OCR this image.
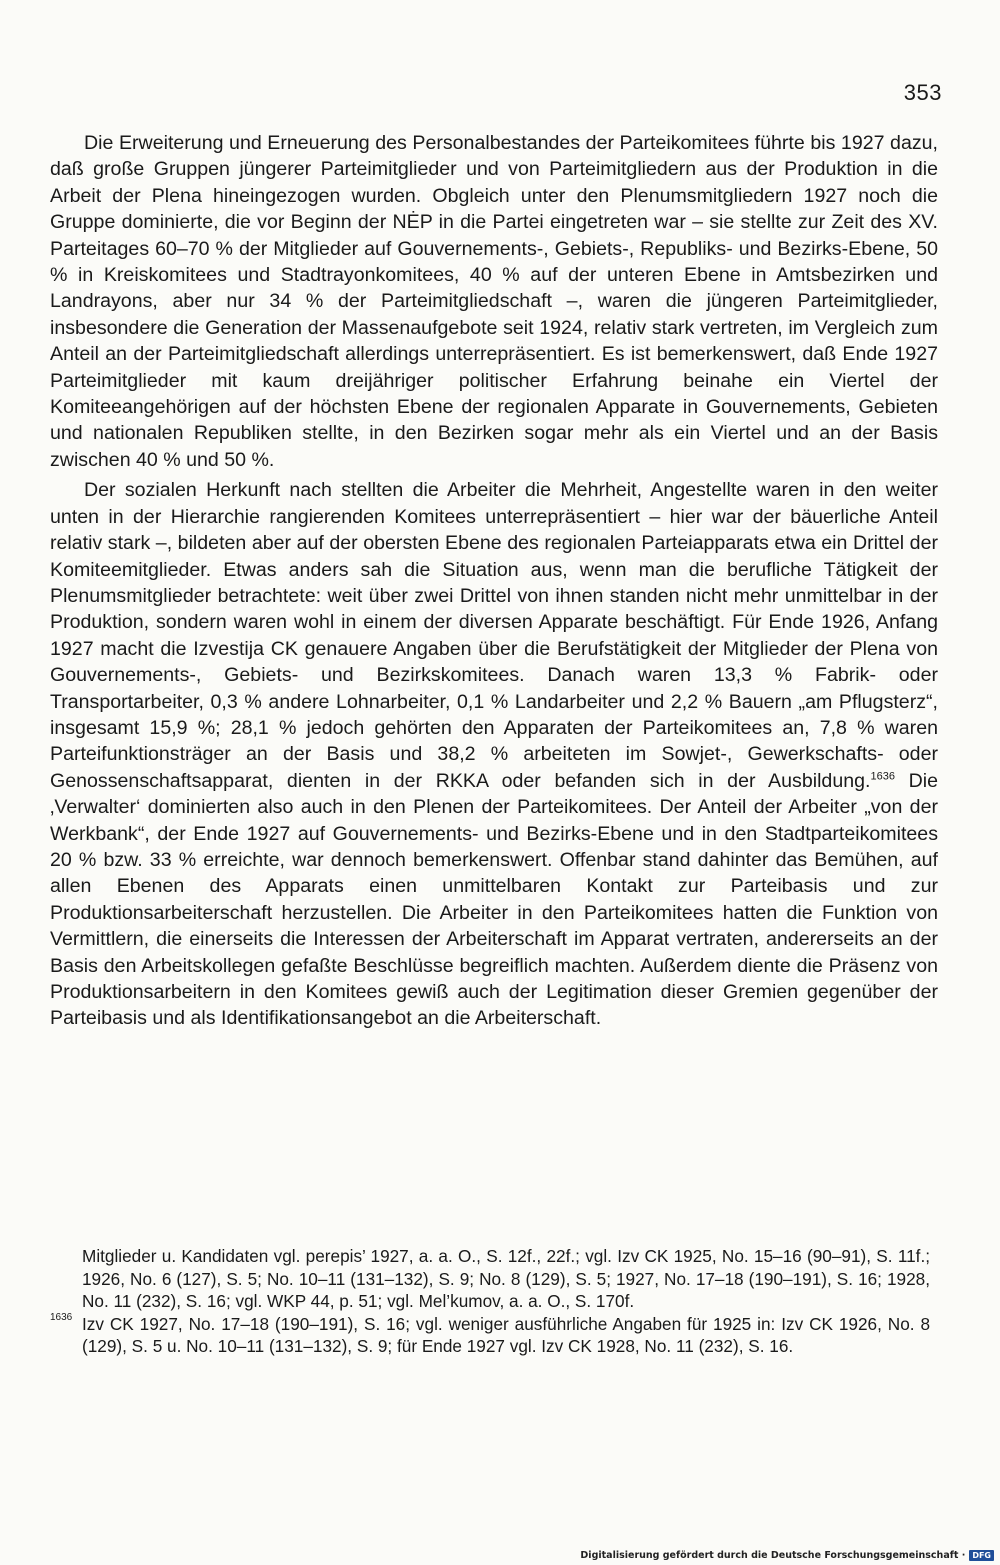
353

Die Erweiterung und Erneuerung des Personalbestandes der Parteikomitees führte bis 1927 dazu, daß große Gruppen jüngerer Parteimitglieder und von Parteimitgliedern aus der Produktion in die Arbeit der Plena hineingezogen wurden. Obgleich unter den Plenumsmitgliedern 1927 noch die Gruppe dominierte, die vor Beginn der NĖP in die Partei eingetreten war – sie stellte zur Zeit des XV. Parteitages 60–70 % der Mitglieder auf Gouvernements-, Gebiets-, Republiks- und Bezirks-Ebene, 50 % in Kreiskomitees und Stadtrayonkomitees, 40 % auf der unteren Ebene in Amtsbezirken und Landrayons, aber nur 34 % der Parteimitgliedschaft –, waren die jüngeren Parteimitglieder, insbesondere die Generation der Massenaufgebote seit 1924, relativ stark vertreten, im Vergleich zum Anteil an der Parteimitgliedschaft allerdings unterrepräsentiert. Es ist bemerkenswert, daß Ende 1927 Parteimitglieder mit kaum dreijähriger politischer Erfahrung beinahe ein Viertel der Komiteeangehörigen auf der höchsten Ebene der regionalen Apparate in Gouvernements, Gebieten und nationalen Republiken stellte, in den Bezirken sogar mehr als ein Viertel und an der Basis zwischen 40 % und 50 %.

Der sozialen Herkunft nach stellten die Arbeiter die Mehrheit, Angestellte waren in den weiter unten in der Hierarchie rangierenden Komitees unterrepräsentiert – hier war der bäuerliche Anteil relativ stark –, bildeten aber auf der obersten Ebene des regionalen Parteiapparats etwa ein Drittel der Komiteemitglieder. Etwas anders sah die Situation aus, wenn man die berufliche Tätigkeit der Plenumsmitglieder betrachtete: weit über zwei Drittel von ihnen standen nicht mehr unmittelbar in der Produktion, sondern waren wohl in einem der diversen Apparate beschäftigt. Für Ende 1926, Anfang 1927 macht die Izvestija CK genauere Angaben über die Berufstätigkeit der Mitglieder der Plena von Gouvernements-, Gebiets- und Bezirkskomitees. Danach waren 13,3 % Fabrik- oder Transportarbeiter, 0,3 % andere Lohnarbeiter, 0,1 % Landarbeiter und 2,2 % Bauern „am Pflugsterz“, insgesamt 15,9 %; 28,1 % jedoch gehörten den Apparaten der Parteikomitees an, 7,8 % waren Parteifunktionsträger an der Basis und 38,2 % arbeiteten im Sowjet-, Gewerkschafts- oder Genossenschaftsapparat, dienten in der RKKA oder befanden sich in der Ausbildung.$^{1636}$ Die ‚Verwalter‘ dominierten also auch in den Plenen der Parteikomitees. Der Anteil der Arbeiter „von der Werkbank“, der Ende 1927 auf Gouvernements- und Bezirks-Ebene und in den Stadtparteikomitees 20 % bzw. 33 % erreichte, war dennoch bemerkenswert. Offenbar stand dahinter das Bemühen, auf allen Ebenen des Apparats einen unmittelbaren Kontakt zur Parteibasis und zur Produktionsarbeiterschaft herzustellen. Die Arbeiter in den Parteikomitees hatten die Funktion von Vermittlern, die einerseits die Interessen der Arbeiterschaft im Apparat vertraten, andererseits an der Basis den Arbeitskollegen gefaßte Beschlüsse begreiflich machten. Außerdem diente die Präsenz von Produktionsarbeitern in den Komitees gewiß auch der Legitimation dieser Gremien gegenüber der Parteibasis und als Identifikationsangebot an die Arbeiterschaft.

Mitglieder u. Kandidaten vgl. perepis’ 1927, a. a. O., S. 12f., 22f.; vgl. Izv CK 1925, No. 15–16 (90–91), S. 11f.; 1926, No. 6 (127), S. 5; No. 10–11 (131–132), S. 9; No. 8 (129), S. 5; 1927, No. 17–18 (190–191), S. 16; 1928, No. 11 (232), S. 16; vgl. WKP 44, p. 51; vgl. Mel’kumov, a. a. O., S. 170f.

1636 Izv CK 1927, No. 17–18 (190–191), S. 16; vgl. weniger ausführliche Angaben für 1925 in: Izv CK 1926, No. 8 (129), S. 5 u. No. 10–11 (131–132), S. 9; für Ende 1927 vgl. Izv CK 1928, No. 11 (232), S. 16.

Digitalisierung gefördert durch die Deutsche Forschungsgemeinschaft · DFG
